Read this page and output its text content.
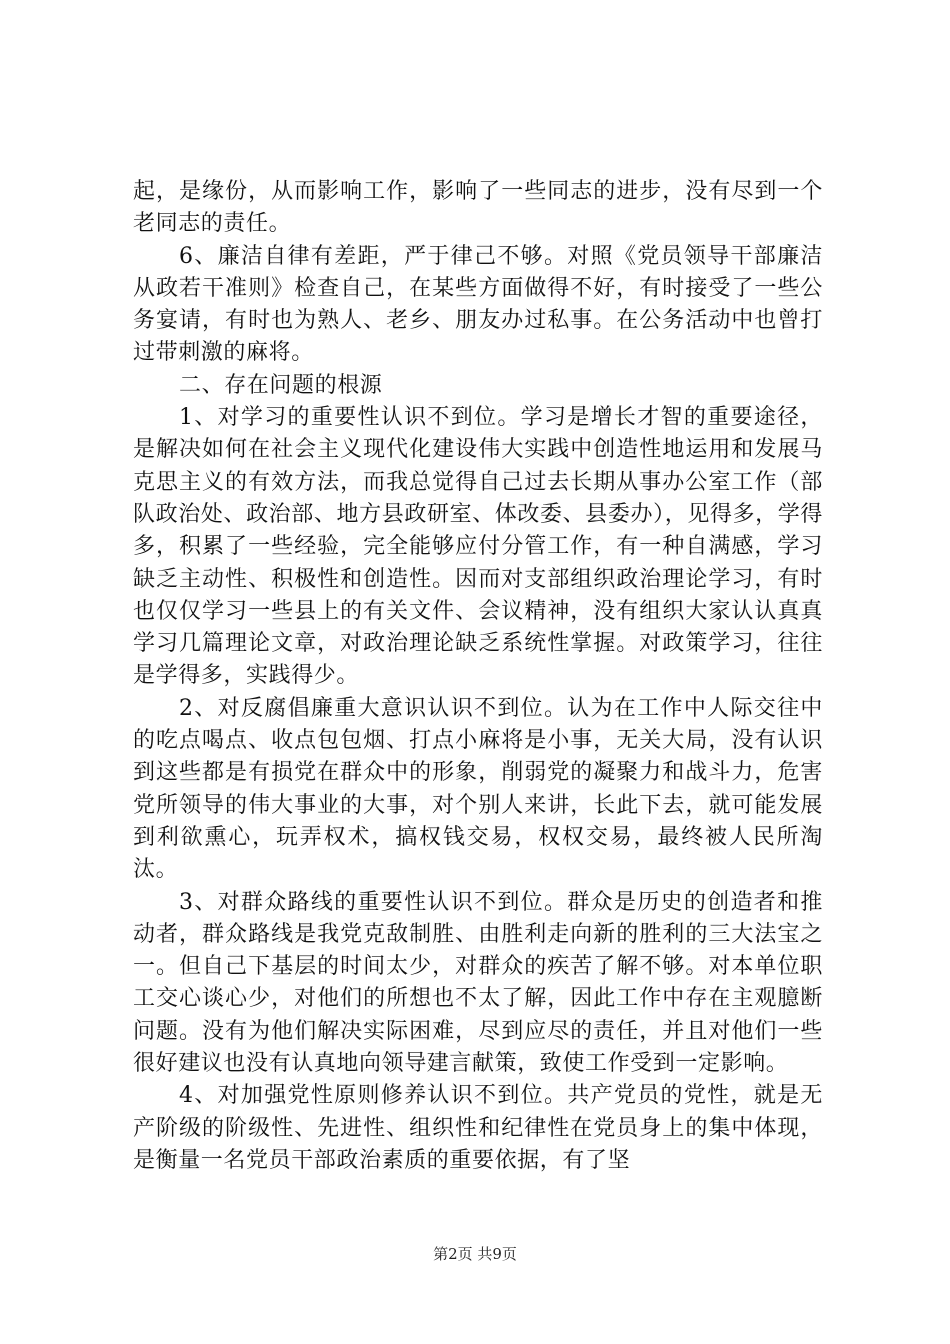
起，是缘份，从而影响工作，影响了一些同志的进步，没有尽到一个老同志的责任。

6、廉洁自律有差距，严于律己不够。对照《党员领导干部廉洁从政若干准则》检查自己，在某些方面做得不好，有时接受了一些公务宴请，有时也为熟人、老乡、朋友办过私事。在公务活动中也曾打过带刺激的麻将。

二、存在问题的根源

1、对学习的重要性认识不到位。学习是增长才智的重要途径，是解决如何在社会主义现代化建设伟大实践中创造性地运用和发展马克思主义的有效方法，而我总觉得自己过去长期从事办公室工作（部队政治处、政治部、地方县政研室、体改委、县委办），见得多，学得多，积累了一些经验，完全能够应付分管工作，有一种自满感，学习缺乏主动性、积极性和创造性。因而对支部组织政治理论学习，有时也仅仅学习一些县上的有关文件、会议精神，没有组织大家认认真真学习几篇理论文章，对政治理论缺乏系统性掌握。对政策学习，往往是学得多，实践得少。

2、对反腐倡廉重大意识认识不到位。认为在工作中人际交往中的吃点喝点、收点包包烟、打点小麻将是小事，无关大局，没有认识到这些都是有损党在群众中的形象，削弱党的凝聚力和战斗力，危害党所领导的伟大事业的大事，对个别人来讲，长此下去，就可能发展到利欲熏心，玩弄权术，搞权钱交易，权权交易，最终被人民所淘汰。

3、对群众路线的重要性认识不到位。群众是历史的创造者和推动者，群众路线是我党克敌制胜、由胜利走向新的胜利的三大法宝之一。但自己下基层的时间太少，对群众的疾苦了解不够。对本单位职工交心谈心少，对他们的所想也不太了解，因此工作中存在主观臆断问题。没有为他们解决实际困难，尽到应尽的责任，并且对他们一些很好建议也没有认真地向领导建言献策，致使工作受到一定影响。

4、对加强党性原则修养认识不到位。共产党员的党性，就是无产阶级的阶级性、先进性、组织性和纪律性在党员身上的集中体现，是衡量一名党员干部政治素质的重要依据，有了坚

第2页 共9页
